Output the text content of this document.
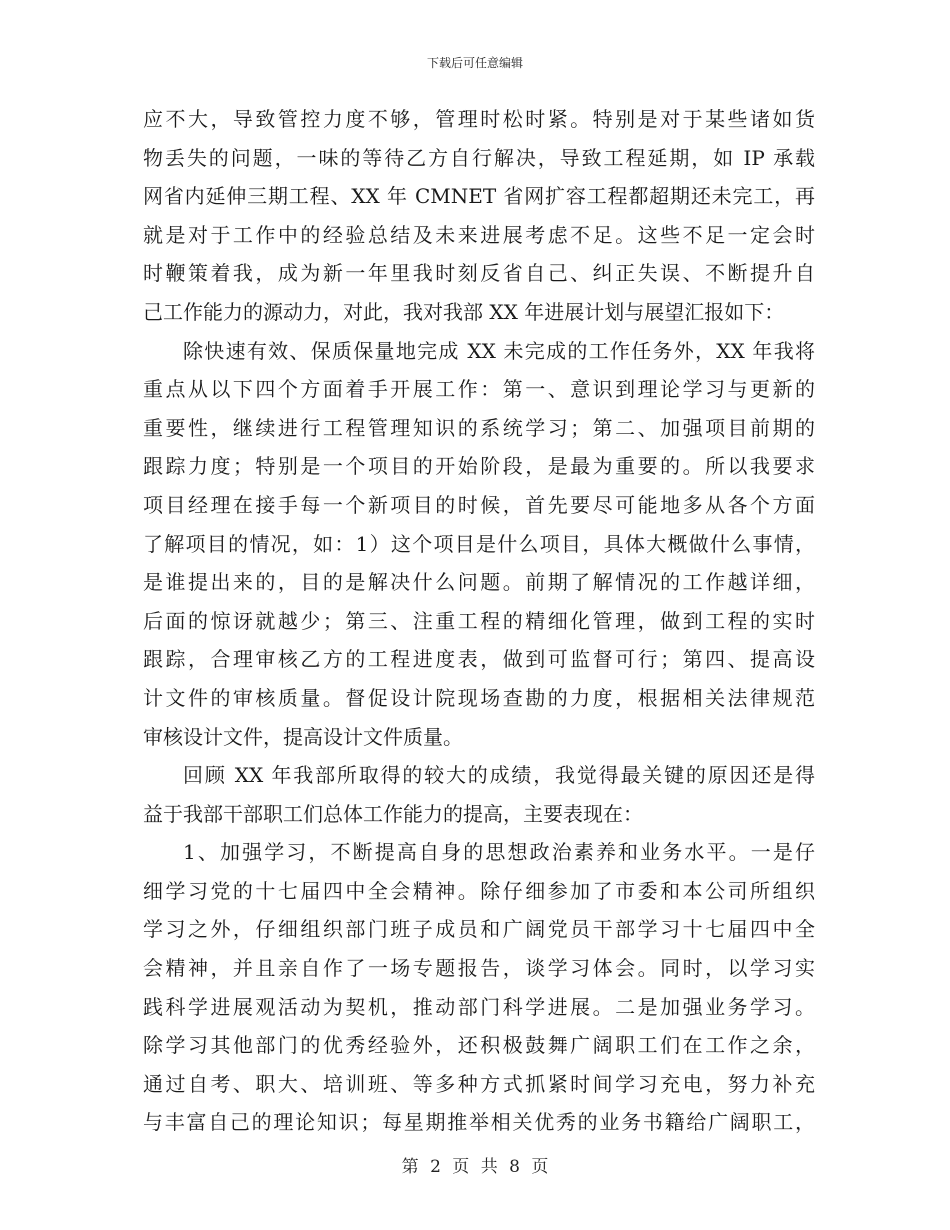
下载后可任意编辑
应不大，导致管控力度不够，管理时松时紧。特别是对于某些诸如货
物丢失的问题，一味的等待乙方自行解决，导致工程延期，如 IP 承载
网省内延伸三期工程、XX 年 CMNET 省网扩容工程都超期还未完工，再
就是对于工作中的经验总结及未来进展考虑不足。这些不足一定会时
时鞭策着我，成为新一年里我时刻反省自己、纠正失误、不断提升自
己工作能力的源动力，对此，我对我部 XX 年进展计划与展望汇报如下：
除快速有效、保质保量地完成 XX 未完成的工作任务外，XX 年我将
重点从以下四个方面着手开展工作：第一、意识到理论学习与更新的
重要性，继续进行工程管理知识的系统学习；第二、加强项目前期的
跟踪力度；特别是一个项目的开始阶段，是最为重要的。所以我要求
项目经理在接手每一个新项目的时候，首先要尽可能地多从各个方面
了解项目的情况，如：1）这个项目是什么项目，具体大概做什么事情，
是谁提出来的，目的是解决什么问题。前期了解情况的工作越详细，
后面的惊讶就越少；第三、注重工程的精细化管理，做到工程的实时
跟踪，合理审核乙方的工程进度表，做到可监督可行；第四、提高设
计文件的审核质量。督促设计院现场查勘的力度，根据相关法律规范
审核设计文件，提高设计文件质量。
回顾 XX 年我部所取得的较大的成绩，我觉得最关键的原因还是得
益于我部干部职工们总体工作能力的提高，主要表现在：
1、加强学习，不断提高自身的思想政治素养和业务水平。一是仔
细学习党的十七届四中全会精神。除仔细参加了市委和本公司所组织
学习之外，仔细组织部门班子成员和广阔党员干部学习十七届四中全
会精神，并且亲自作了一场专题报告，谈学习体会。同时，以学习实
践科学进展观活动为契机，推动部门科学进展。二是加强业务学习。
除学习其他部门的优秀经验外，还积极鼓舞广阔职工们在工作之余，
通过自考、职大、培训班、等多种方式抓紧时间学习充电，努力补充
与丰富自己的理论知识；每星期推举相关优秀的业务书籍给广阔职工，
第 2 页 共 8 页
